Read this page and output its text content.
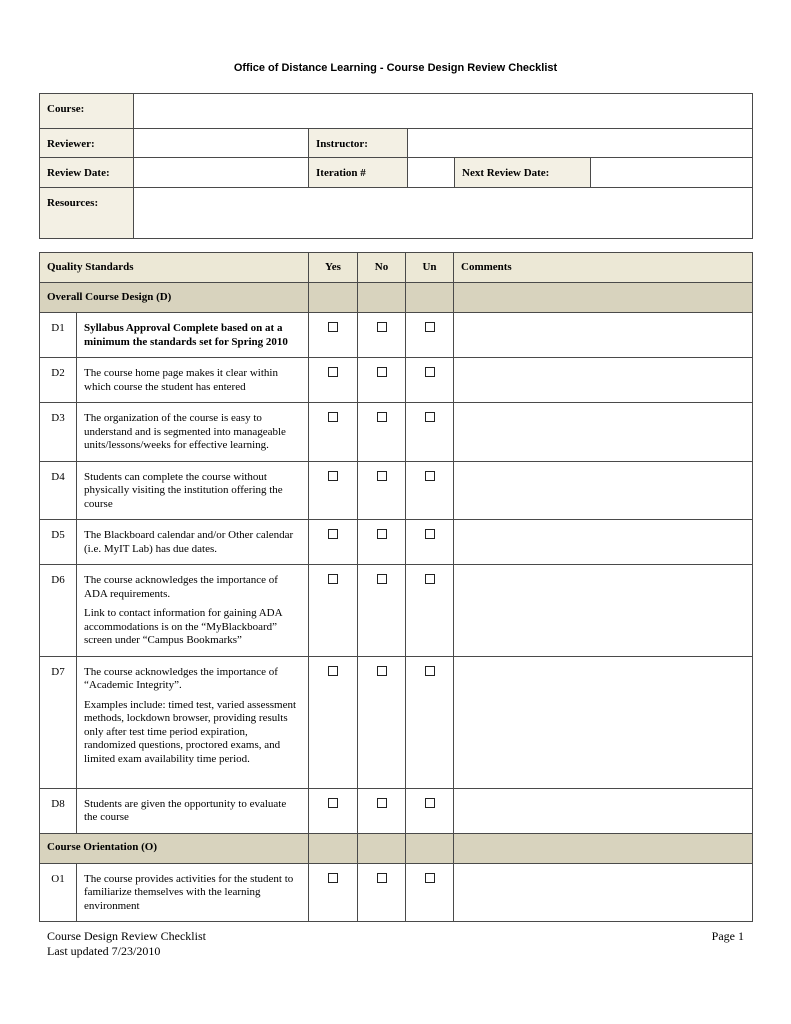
Office of Distance Learning - Course Design Review Checklist
Course:					
Reviewer:		Instructor:			
Review Date:		Iteration #		Next Review Date:	
Resources:					
Quality Standards		Yes	No	Un	Comments
Overall Course Design (D)					
D1	Syllabus Approval Complete based on at a minimum the standards set for Spring 2010				

D2	The course home page makes it clear within which course the student has entered				

D3	The organization of the course is easy to understand and is segmented into manageable units/lessons/weeks for effective learning.				

D4	Students can complete the course without physically visiting the institution offering the course				

D5	The Blackboard calendar and/or Other calendar (i.e. MyIT Lab) has due dates.				

D6	The course acknowledges the importance of ADA requirements.

Link to contact information for gaining ADA accommodations is on the “MyBlackboard” screen under “Campus Bookmarks”				

D7	The course acknowledges the importance of “Academic Integrity”.

Examples include: timed test, varied assessment methods, lockdown browser, providing results only after test time period expiration, randomized questions, proctored exams, and limited exam availability time period.				

D8	Students are given the opportunity to evaluate the course				

Course Orientation (O)					
O1	The course provides activities for the student to familiarize themselves with the learning environment				

Course Design Review Checklist
Last updated 7/23/2010
Page 1
